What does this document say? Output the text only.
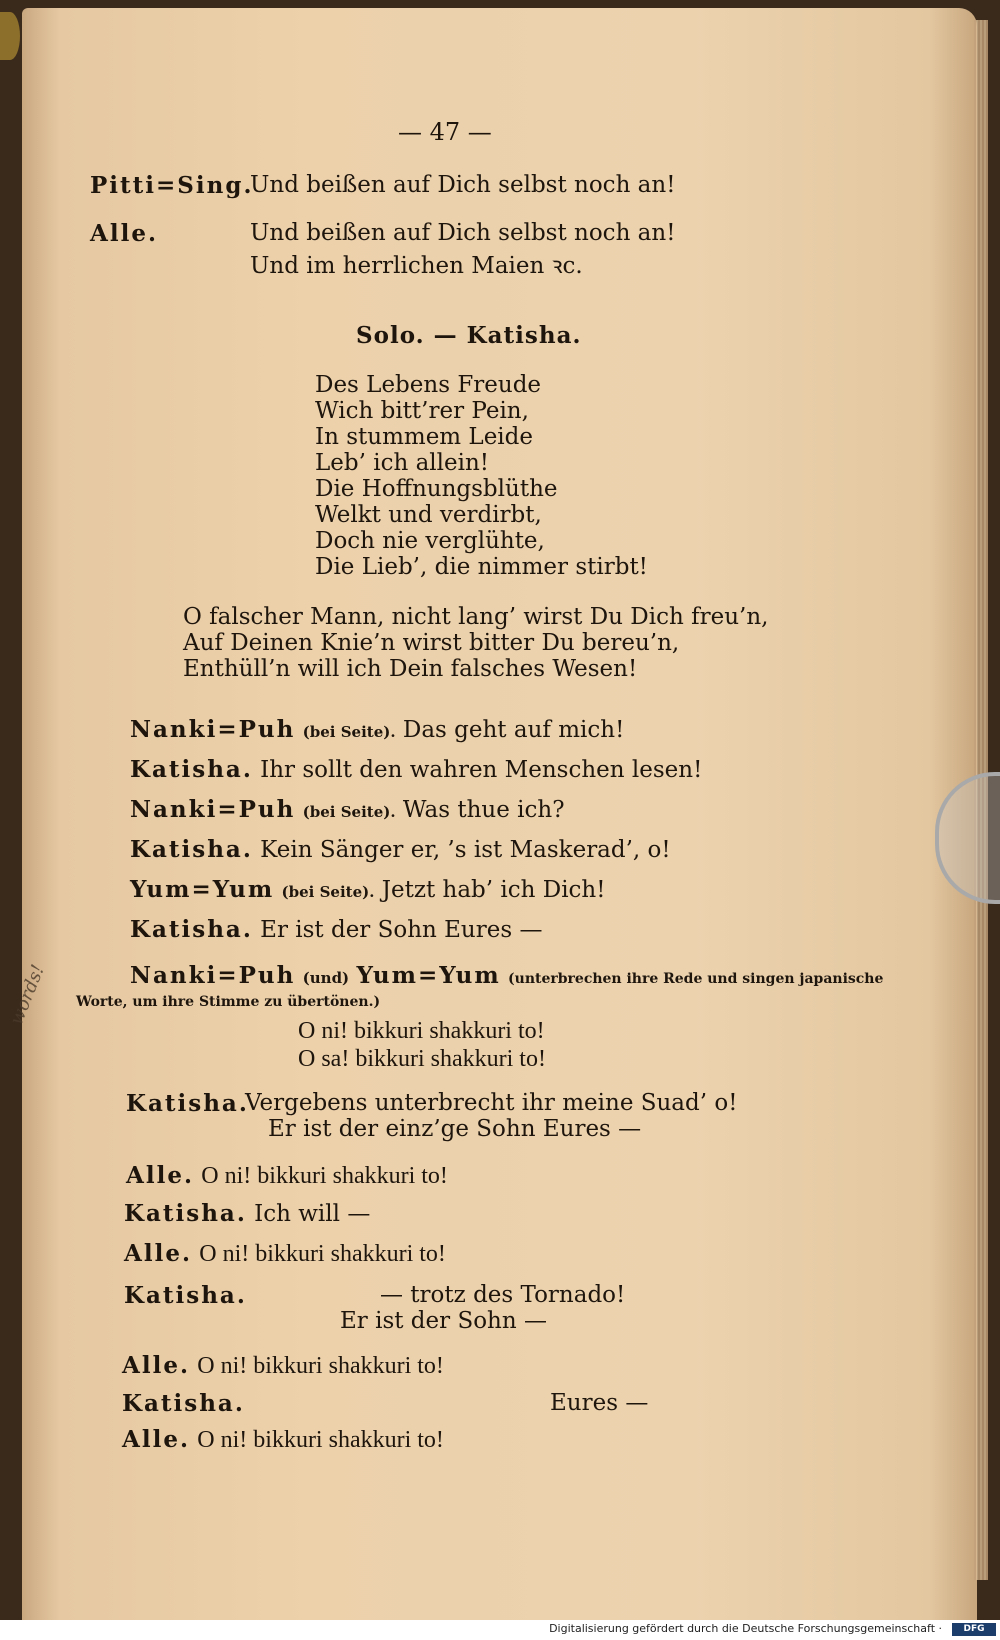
— 47 —
Pitti=Sing.
Und beißen auf Dich selbst noch an!
Alle.	Und beißen auf Dich selbst noch an!
Und im herrlichen Maien ꝛc.
Solo. — Katisha.
Des Lebens Freude
Wich bitt’rer Pein,
In stummem Leide
Leb’ ich allein!
Die Hoffnungsblüthe
Welkt und verdirbt,
Doch nie verglühte,
Die Lieb’, die nimmer stirbt!
O falscher Mann, nicht lang’ wirst Du Dich freu’n,
Auf Deinen Knie’n wirst bitter Du bereu’n,
Enthüll’n will ich Dein falsches Wesen!
Nanki=Puh (bei Seite). Das geht auf mich!
Katisha. Ihr sollt den wahren Menschen lesen!
Nanki=Puh (bei Seite). Was thue ich?
Katisha. Kein Sänger er, ’s ist Maskerad’, o!
Yum=Yum (bei Seite). Jetzt hab’ ich Dich!
Katisha. Er ist der Sohn Eures —
Nanki=Puh (und) Yum=Yum (unterbrechen ihre Rede und singen japanische
Worte, um ihre Stimme zu übertönen.)
O ni! bikkuri shakkuri to!
O sa! bikkuri shakkuri to!
Katisha.
Vergebens unterbrecht ihr meine Suad’ o!
Er ist der einz’ge Sohn Eures —
Alle. O ni! bikkuri shakkuri to!
Katisha. Ich will —
Alle. O ni! bikkuri shakkuri to!
Katisha.	— trotz des Tornado!
Er ist der Sohn —
Alle. O ni! bikkuri shakkuri to!
Katisha.	Eures —
Alle. O ni! bikkuri shakkuri to!
words!
Digitalisierung gefördert durch die Deutsche Forschungsgemeinschaft ·	DFG
